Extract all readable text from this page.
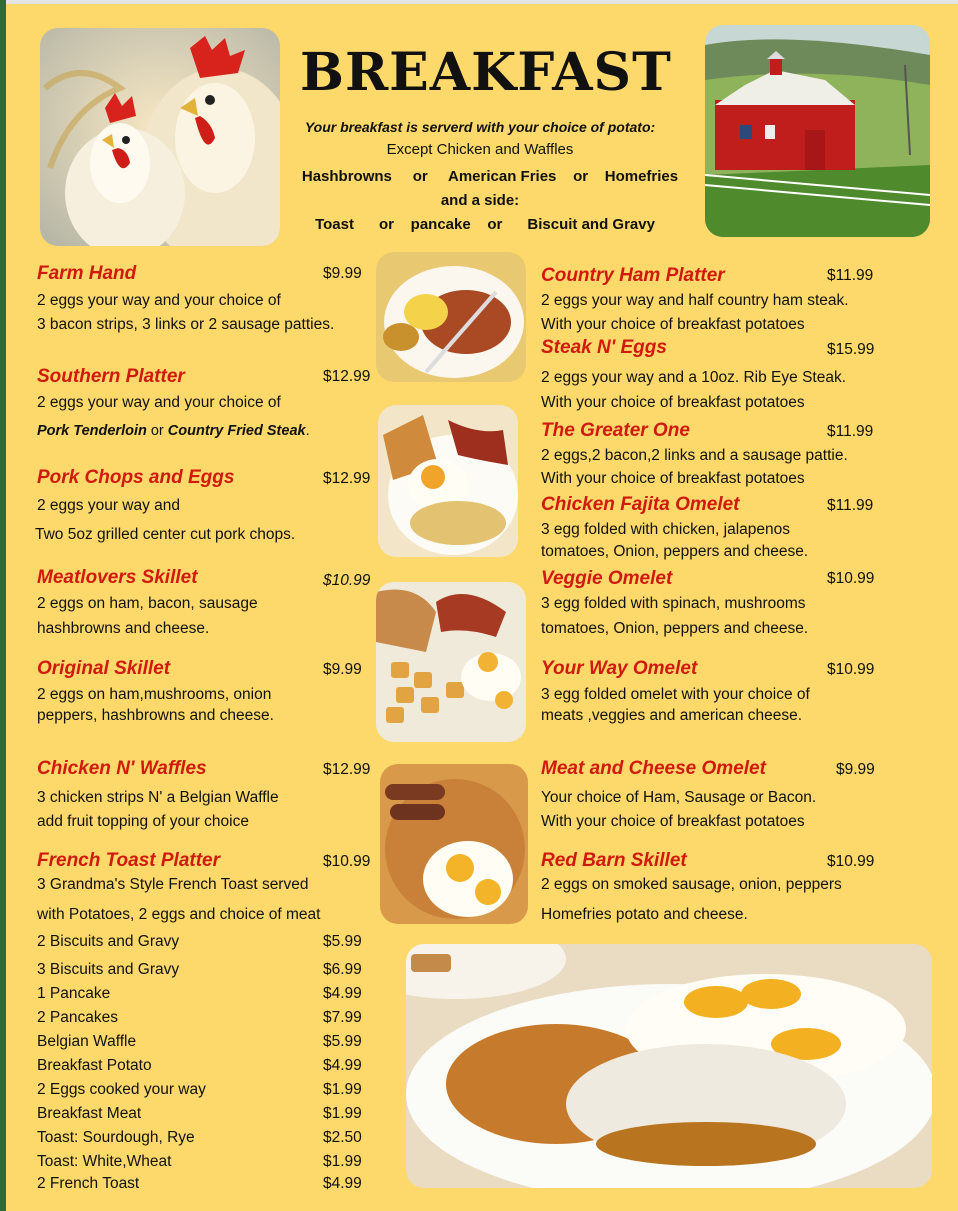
BREAKFAST
Your breakfast is serverd with your choice of potato:
Except Chicken and Waffles
Hashbrowns or American Fries or Homefries
and a side:
Toast or pancake or Biscuit and Gravy
Farm Hand	$9.99
2 eggs your way and your choice of
3 bacon strips, 3 links or 2 sausage patties.
Southern Platter	$12.99
2 eggs your way and your choice of
Pork Tenderloin or Country Fried Steak.
Pork Chops and Eggs	$12.99
2 eggs your way and
Two 5oz grilled center cut pork chops.
Meatlovers Skillet	$10.99
2 eggs on ham, bacon, sausage
hashbrowns and cheese.
Original Skillet	$9.99
2 eggs on ham,mushrooms, onion
peppers, hashbrowns and cheese.
Chicken N' Waffles	$12.99
3 chicken strips N' a Belgian Waffle
add fruit topping of your choice
French Toast Platter	$10.99
3 Grandma's Style French Toast served
with Potatoes, 2 eggs and choice of meat
Country Ham Platter	$11.99
2 eggs your way and half country ham steak.
With your choice of breakfast potatoes
Steak N' Eggs	$15.99
2 eggs your way and a 10oz. Rib Eye Steak.
With your choice of breakfast potatoes
The Greater One	$11.99
2 eggs,2 bacon,2 links and a sausage pattie.
With your choice of breakfast potatoes
Chicken Fajita Omelet	$11.99
3 egg folded with chicken, jalapenos
tomatoes, Onion, peppers and cheese.
Veggie Omelet	$10.99
3 egg folded with spinach, mushrooms
tomatoes, Onion, peppers and cheese.
Your Way Omelet	$10.99
3 egg folded omelet with your choice of
meats ,veggies and american cheese.
Meat and Cheese Omelet	$9.99
Your choice of Ham, Sausage or Bacon.
With your choice of breakfast potatoes
Red Barn Skillet	$10.99
2 eggs on smoked sausage, onion, peppers
Homefries potato and cheese.
2 Biscuits and Gravy	$5.99
3 Biscuits and Gravy	$6.99
1 Pancake	$4.99
2 Pancakes	$7.99
Belgian Waffle	$5.99
Breakfast Potato	$4.99
2 Eggs cooked your way	$1.99
Breakfast Meat	$1.99
Toast: Sourdough, Rye	$2.50
Toast: White,Wheat	$1.99
2 French Toast	$4.99
